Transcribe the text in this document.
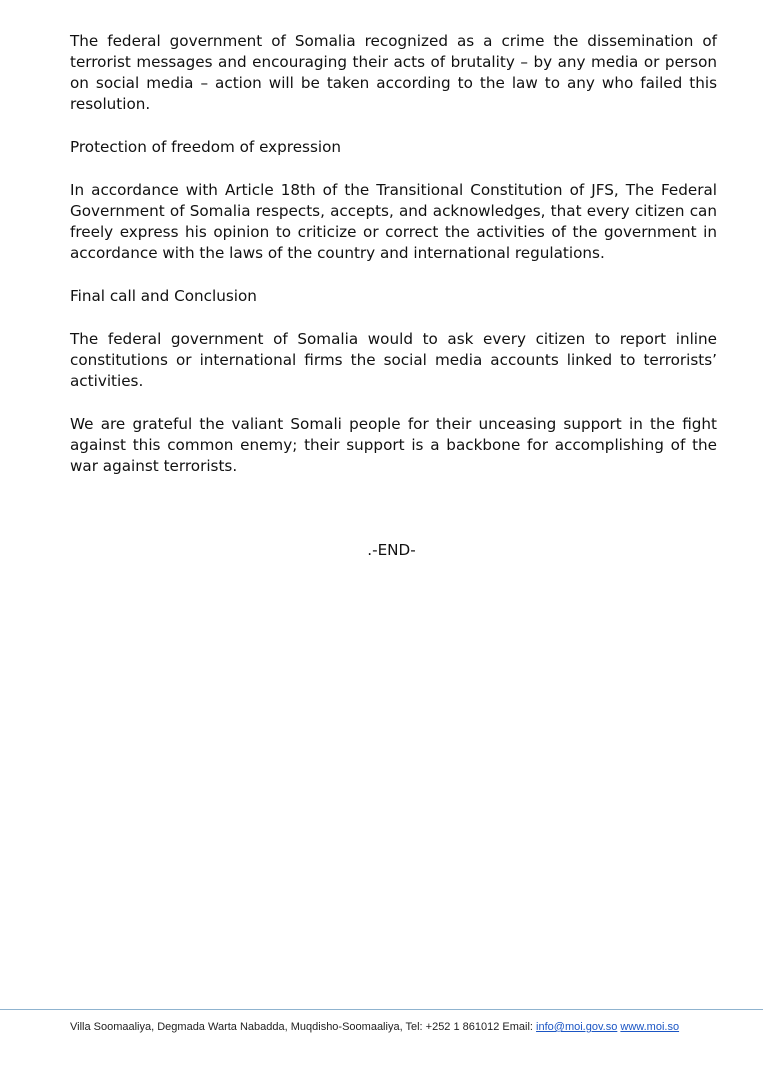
The federal government of Somalia recognized as a crime the dissemination of terrorist messages and encouraging their acts of brutality – by any media or person on social media – action will be taken according to the law to any who failed this resolution.

Protection of freedom of expression

In accordance with Article 18th of the Transitional Constitution of JFS, The Federal Government of Somalia respects, accepts, and acknowledges, that every citizen can freely express his opinion to criticize or correct the activities of the government in accordance with the laws of the country and international regulations.

Final call and Conclusion

The federal government of Somalia would to ask every citizen to report inline constitutions or international firms the social media accounts linked to terrorists’ activities.

We are grateful the valiant Somali people for their unceasing support in the fight against this common enemy; their support is a backbone for accomplishing of the war against terrorists.

.-END-
Villa Soomaaliya, Degmada Warta Nabadda, Muqdisho-Soomaaliya, Tel: +252 1 861012 Email: info@moi.gov.so www.moi.so
